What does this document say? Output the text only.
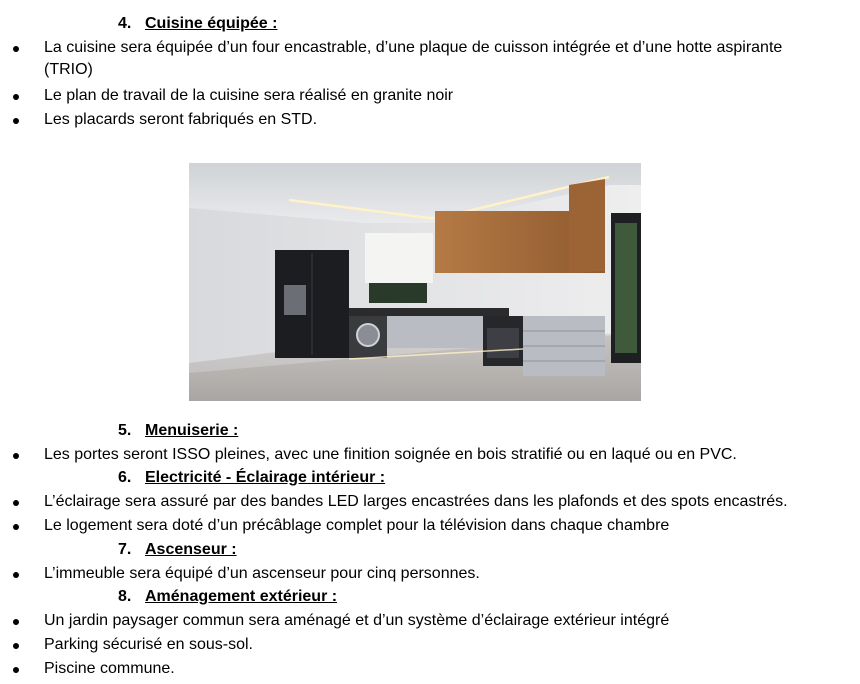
4. Cuisine équipée :
La cuisine sera équipée d’un four encastrable, d’une plaque de cuisson intégrée et d’une hotte aspirante (TRIO)
Le plan de travail de la cuisine sera réalisé en granite noir
Les placards seront fabriqués en STD.
5. Menuiserie :
Les portes seront ISSO pleines, avec une finition soignée en bois stratifié ou en laqué ou en PVC.
6. Electricité - Éclairage intérieur :
L’éclairage sera assuré par des bandes LED larges encastrées dans les plafonds et des spots encastrés.
Le logement sera doté d’un précâblage complet pour la télévision dans chaque chambre
7. Ascenseur :
L’immeuble sera équipé d’un ascenseur pour cinq personnes.
8. Aménagement extérieur :
Un jardin paysager commun sera aménagé et d’un système d’éclairage extérieur intégré
Parking sécurisé en sous-sol.
Piscine commune.
